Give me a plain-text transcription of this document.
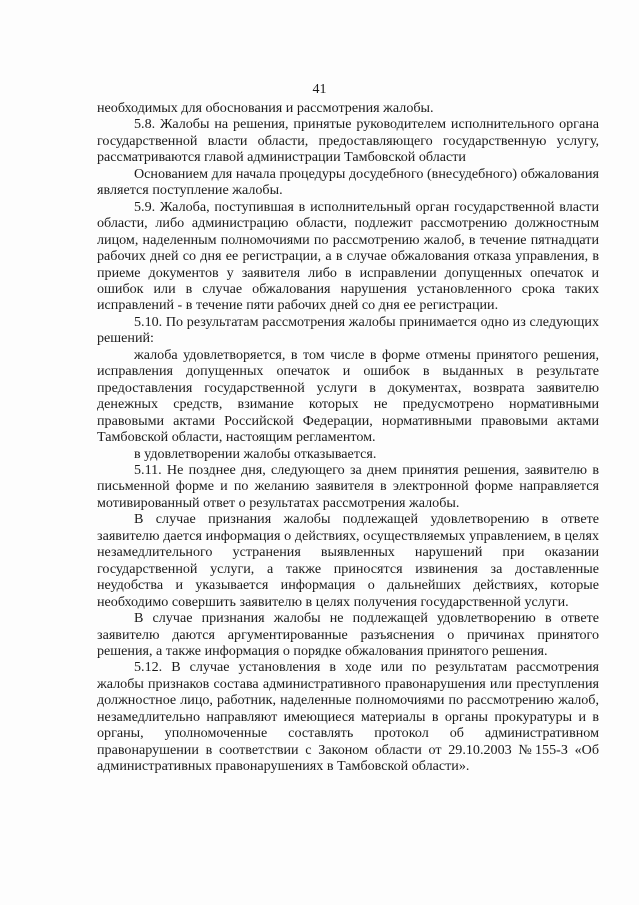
41

необходимых для обоснования и рассмотрения жалобы.

5.8. Жалобы на решения, принятые руководителем исполнительного органа государственной власти области, предоставляющего государственную услугу, рассматриваются главой администрации Тамбовской области

Основанием для начала процедуры досудебного (внесудебного) обжалования является поступление жалобы.

5.9. Жалоба, поступившая в исполнительный орган государственной власти области, либо администрацию области, подлежит рассмотрению должностным лицом, наделенным полномочиями по рассмотрению жалоб, в течение пятнадцати рабочих дней со дня ее регистрации, а в случае обжалования отказа управления, в приеме документов у заявителя либо в исправлении допущенных опечаток и ошибок или в случае обжалования нарушения установленного срока таких исправлений - в течение пяти рабочих дней со дня ее регистрации.

5.10. По результатам рассмотрения жалобы принимается одно из следующих решений:

жалоба удовлетворяется, в том числе в форме отмены принятого решения, исправления допущенных опечаток и ошибок в выданных в результате предоставления государственной услуги в документах, возврата заявителю денежных средств, взимание которых не предусмотрено нормативными правовыми актами Российской Федерации, нормативными правовыми актами Тамбовской области, настоящим регламентом.

в удовлетворении жалобы отказывается.

5.11. Не позднее дня, следующего за днем принятия решения, заявителю в письменной форме и по желанию заявителя в электронной форме направляется мотивированный ответ о результатах рассмотрения жалобы.

В случае признания жалобы подлежащей удовлетворению в ответе заявителю дается информация о действиях, осуществляемых управлением, в целях незамедлительного устранения выявленных нарушений при оказании государственной услуги, а также приносятся извинения за доставленные неудобства и указывается информация о дальнейших действиях, которые необходимо совершить заявителю в целях получения государственной услуги.

В случае признания жалобы не подлежащей удовлетворению в ответе заявителю даются аргументированные разъяснения о причинах принятого решения, а также информация о порядке обжалования принятого решения.

5.12. В случае установления в ходе или по результатам рассмотрения жалобы признаков состава административного правонарушения или преступления должностное лицо, работник, наделенные полномочиями по рассмотрению жалоб, незамедлительно направляют имеющиеся материалы в органы прокуратуры и в органы, уполномоченные составлять протокол об административном правонарушении в соответствии с Законом области от 29.10.2003 №155-З «Об административных правонарушениях в Тамбовской области».
